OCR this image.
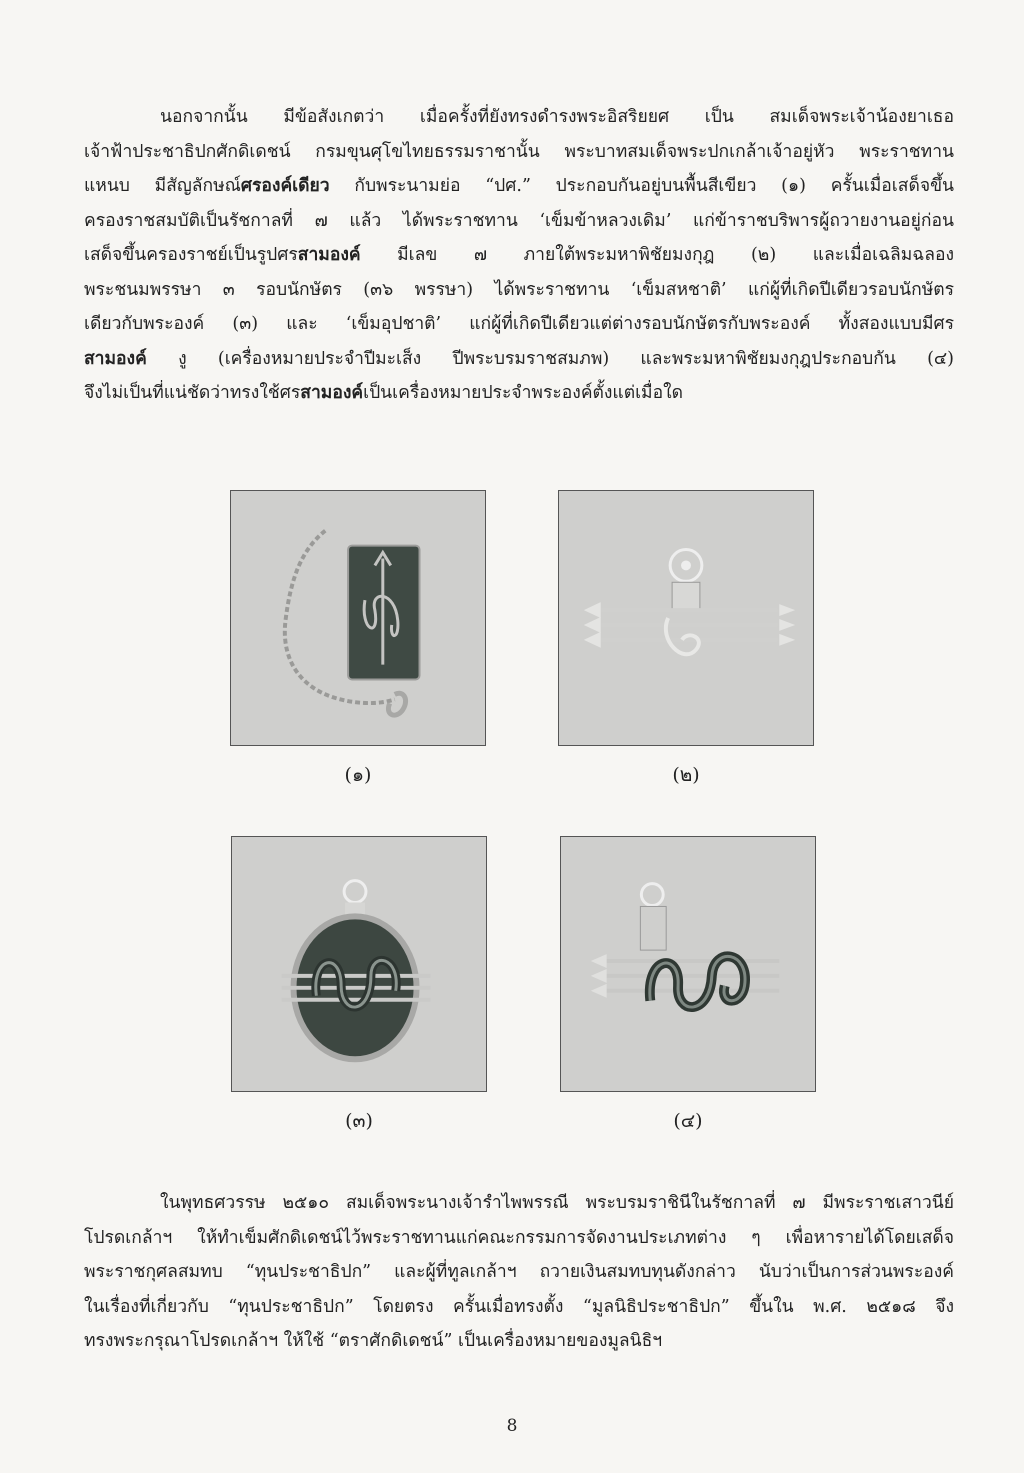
นอกจากนั้น มีข้อสังเกตว่า เมื่อครั้งที่ยังทรงดำรงพระอิสริยยศ เป็น สมเด็จพระเจ้าน้องยาเธอ
เจ้าฟ้าประชาธิปกศักดิเดชน์ กรมขุนศุโขไทยธรรมราชานั้น พระบาทสมเด็จพระปกเกล้าเจ้าอยู่หัว พระราชทาน
แหนบ มีสัญลักษณ์ศรองค์เดียว กับพระนามย่อ “ปศ.” ประกอบกันอยู่บนพื้นสีเขียว (๑) ครั้นเมื่อเสด็จขึ้น
ครองราชสมบัติเป็นรัชกาลที่ ๗ แล้ว ได้พระราชทาน ‘เข็มข้าหลวงเดิม’ แก่ข้าราชบริพารผู้ถวายงานอยู่ก่อน
เสด็จขึ้นครองราชย์เป็นรูปศรสามองค์ มีเลข ๗ ภายใต้พระมหาพิชัยมงกุฎ (๒) และเมื่อเฉลิมฉลอง
พระชนมพรรษา ๓ รอบนักษัตร (๓๖ พรรษา) ได้พระราชทาน ‘เข็มสหชาติ’ แก่ผู้ที่เกิดปีเดียวรอบนักษัตร
เดียวกับพระองค์ (๓) และ ‘เข็มอุปชาติ’ แก่ผู้ที่เกิดปีเดียวแต่ต่างรอบนักษัตรกับพระองค์ ทั้งสองแบบมีศร
สามองค์ งู (เครื่องหมายประจำปีมะเส็ง ปีพระบรมราชสมภพ) และพระมหาพิชัยมงกุฎประกอบกัน (๔)
จึงไม่เป็นที่แน่ชัดว่าทรงใช้ศรสามองค์เป็นเครื่องหมายประจำพระองค์ตั้งแต่เมื่อใด
(๑)	(๒)
(๓)	(๔)
ในพุทธศวรรษ ๒๕๑๐ สมเด็จพระนางเจ้ารำไพพรรณี พระบรมราชินีในรัชกาลที่ ๗ มีพระราชเสาวนีย์
โปรดเกล้าฯ ให้ทำเข็มศักดิเดชน์ไว้พระราชทานแก่คณะกรรมการจัดงานประเภทต่าง ๆ เพื่อหารายได้โดยเสด็จ
พระราชกุศลสมทบ “ทุนประชาธิปก” และผู้ที่ทูลเกล้าฯ ถวายเงินสมทบทุนดังกล่าว นับว่าเป็นการส่วนพระองค์
ในเรื่องที่เกี่ยวกับ “ทุนประชาธิปก” โดยตรง ครั้นเมื่อทรงตั้ง “มูลนิธิประชาธิปก” ขึ้นใน พ.ศ. ๒๕๑๘ จึง
ทรงพระกรุณาโปรดเกล้าฯ ให้ใช้ “ตราศักดิเดชน์” เป็นเครื่องหมายของมูลนิธิฯ
8
